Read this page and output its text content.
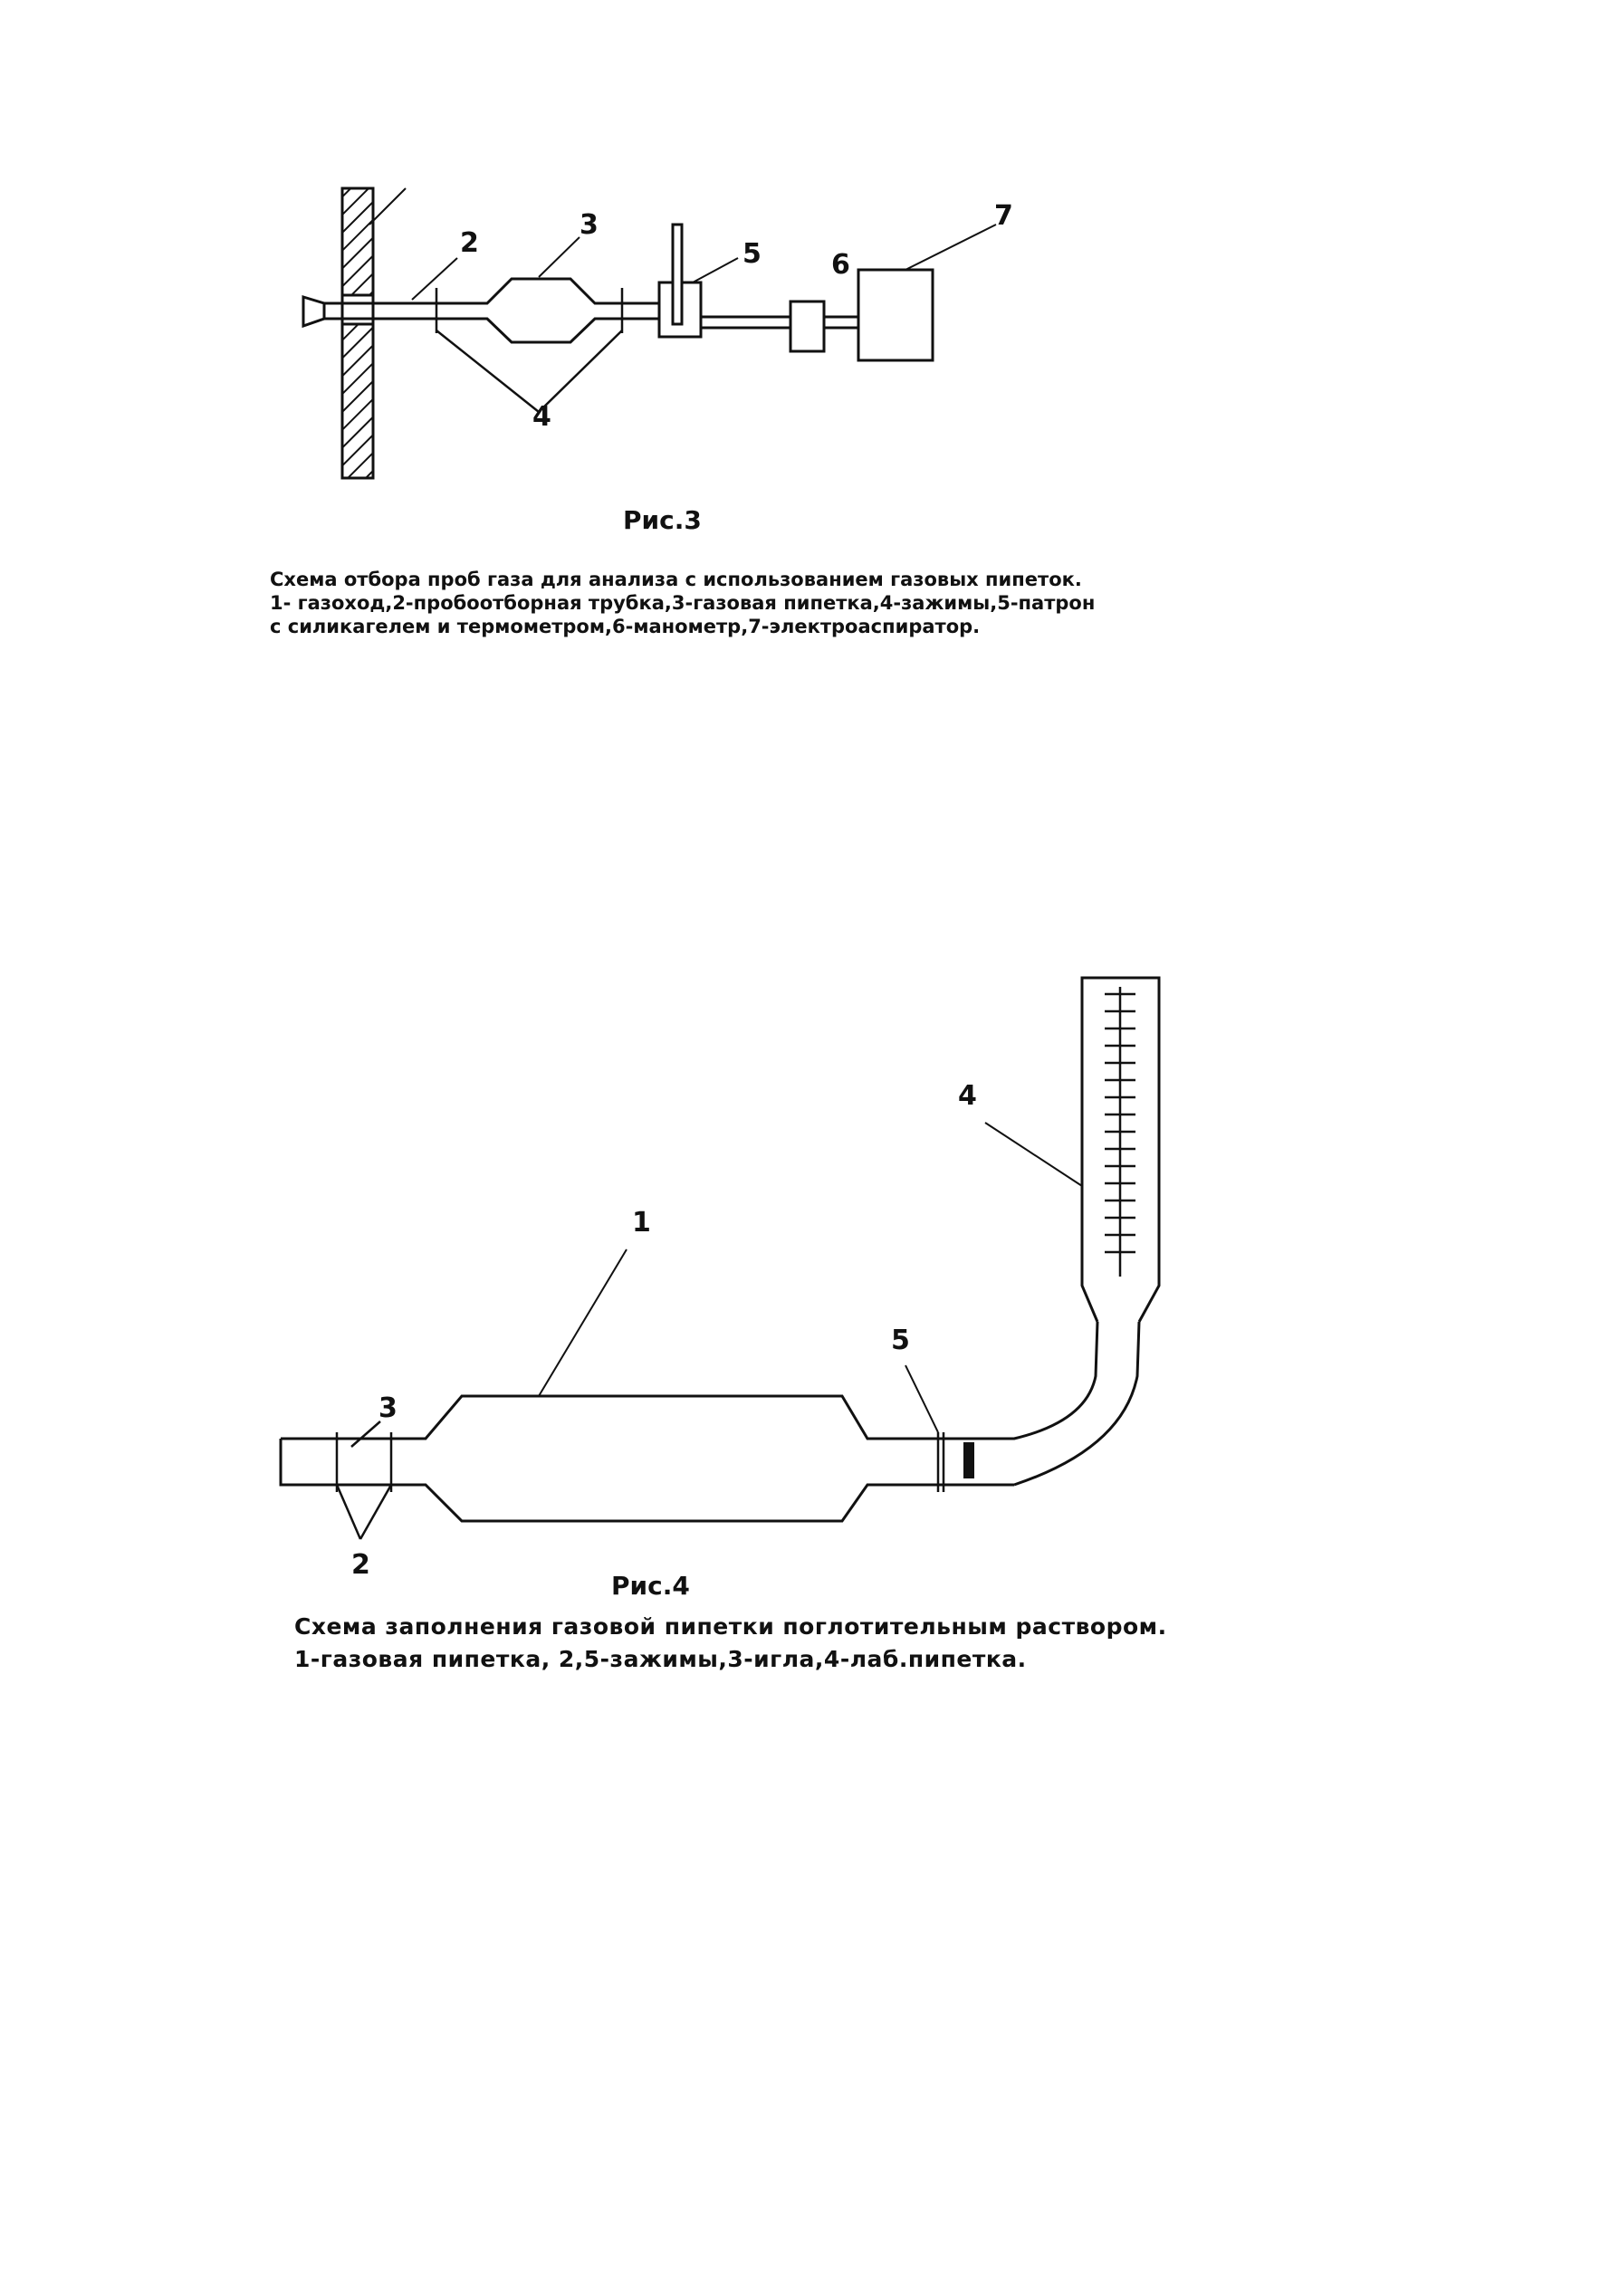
2
3
4
5	6
7
Рис.3
Схема отбора проб газа для анализа с использованием газовых пипеток.
1- газоход,2-пробоотборная трубка,3-газовая пипетка,4-зажимы,5-патрон
с силикагелем и термометром,6-манометр,7-электроаспиратор.
1
2
3
4
5
Рис.4
Схема заполнения газовой пипетки поглотительным раствором.
1-газовая пипетка, 2,5-зажимы,3-игла,4-лаб.пипетка.
